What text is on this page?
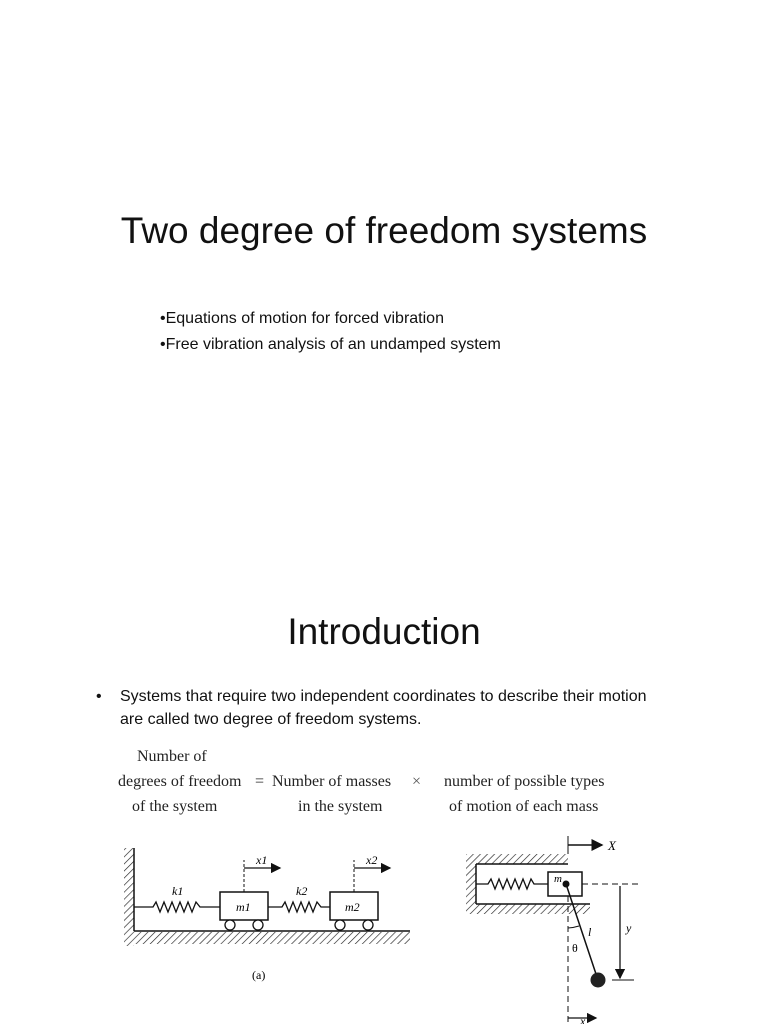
Two degree of freedom systems
•Equations of motion for forced vibration
•Free vibration analysis of an undamped system
Introduction
• Systems that require two independent coordinates to describe their motion are called two degree of freedom systems.
Number of
degrees of freedom
of the system
= Number of masses
in the system
× number of possible types
of motion of each mass
x1	x2
k1	k2
m1	m2
(a)
m
X
l
θ
y
x
